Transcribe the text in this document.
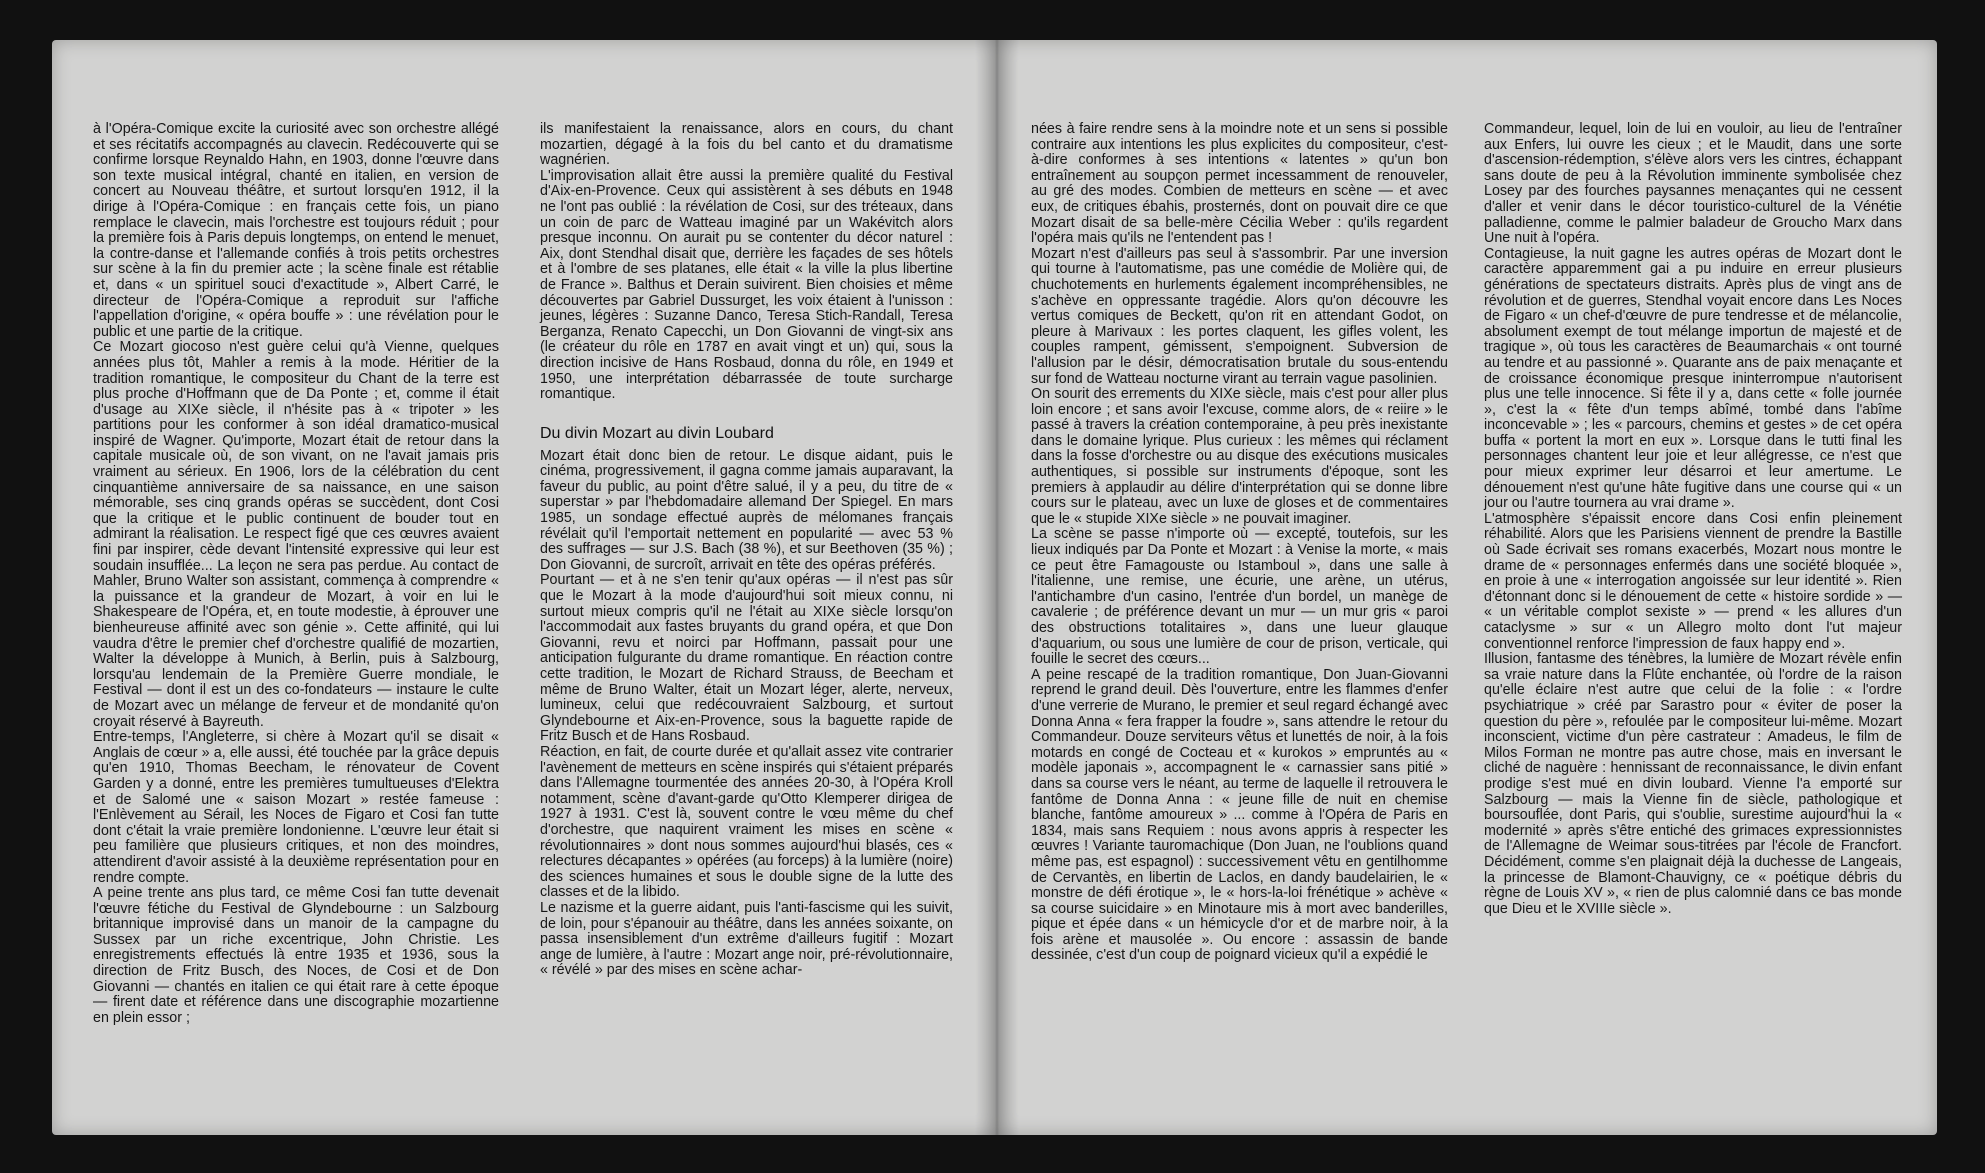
à l'Opéra-Comique excite la curiosité avec son orchestre allégé et ses récitatifs accompagnés au clavecin. Redécouverte qui se confirme lorsque Reynaldo Hahn, en 1903, donne l'œuvre dans son texte musical intégral, chanté en italien, en version de concert au Nouveau théâtre, et surtout lorsqu'en 1912, il la dirige à l'Opéra-Comique : en français cette fois, un piano remplace le clavecin, mais l'orchestre est toujours réduit ; pour la première fois à Paris depuis longtemps, on entend le menuet, la contre-danse et l'allemande confiés à trois petits orchestres sur scène à la fin du premier acte ; la scène finale est rétablie et, dans « un spirituel souci d'exactitude », Albert Carré, le directeur de l'Opéra-Comique a reproduit sur l'affiche l'appellation d'origine, « opéra bouffe » : une révélation pour le public et une partie de la critique.

Ce Mozart giocoso n'est guère celui qu'à Vienne, quelques années plus tôt, Mahler a remis à la mode. Héritier de la tradition romantique, le compositeur du Chant de la terre est plus proche d'Hoffmann que de Da Ponte ; et, comme il était d'usage au XIXe siècle, il n'hésite pas à « tripoter » les partitions pour les conformer à son idéal dramatico-musical inspiré de Wagner. Qu'importe, Mozart était de retour dans la capitale musicale où, de son vivant, on ne l'avait jamais pris vraiment au sérieux. En 1906, lors de la célébration du cent cinquantième anniversaire de sa naissance, en une saison mémorable, ses cinq grands opéras se succèdent, dont Cosi que la critique et le public continuent de bouder tout en admirant la réalisation. Le respect figé que ces œuvres avaient fini par inspirer, cède devant l'intensité expressive qui leur est soudain insufflée... La leçon ne sera pas perdue. Au contact de Mahler, Bruno Walter son assistant, commença à comprendre « la puissance et la grandeur de Mozart, à voir en lui le Shakespeare de l'Opéra, et, en toute modestie, à éprouver une bienheureuse affinité avec son génie ». Cette affinité, qui lui vaudra d'être le premier chef d'orchestre qualifié de mozartien, Walter la développe à Munich, à Berlin, puis à Salzbourg, lorsqu'au lendemain de la Première Guerre mondiale, le Festival — dont il est un des co-fondateurs — instaure le culte de Mozart avec un mélange de ferveur et de mondanité qu'on croyait réservé à Bayreuth.

Entre-temps, l'Angleterre, si chère à Mozart qu'il se disait « Anglais de cœur » a, elle aussi, été touchée par la grâce depuis qu'en 1910, Thomas Beecham, le rénovateur de Covent Garden y a donné, entre les premières tumultueuses d'Elektra et de Salomé une « saison Mozart » restée fameuse : l'Enlèvement au Sérail, les Noces de Figaro et Cosi fan tutte dont c'était la vraie première londonienne. L'œuvre leur était si peu familière que plusieurs critiques, et non des moindres, attendirent d'avoir assisté à la deuxième représentation pour en rendre compte.

A peine trente ans plus tard, ce même Cosi fan tutte devenait l'œuvre fétiche du Festival de Glyndebourne : un Salzbourg britannique improvisé dans un manoir de la campagne du Sussex par un riche excentrique, John Christie. Les enregistrements effectués là entre 1935 et 1936, sous la direction de Fritz Busch, des Noces, de Cosi et de Don Giovanni — chantés en italien ce qui était rare à cette époque — firent date et référence dans une discographie mozartienne en plein essor ;

ils manifestaient la renaissance, alors en cours, du chant mozartien, dégagé à la fois du bel canto et du dramatisme wagnérien.

L'improvisation allait être aussi la première qualité du Festival d'Aix-en-Provence. Ceux qui assistèrent à ses débuts en 1948 ne l'ont pas oublié : la révélation de Cosi, sur des tréteaux, dans un coin de parc de Watteau imaginé par un Wakévitch alors presque inconnu. On aurait pu se contenter du décor naturel : Aix, dont Stendhal disait que, derrière les façades de ses hôtels et à l'ombre de ses platanes, elle était « la ville la plus libertine de France ». Balthus et Derain suivirent. Bien choisies et même découvertes par Gabriel Dussurget, les voix étaient à l'unisson : jeunes, légères : Suzanne Danco, Teresa Stich-Randall, Teresa Berganza, Renato Capecchi, un Don Giovanni de vingt-six ans (le créateur du rôle en 1787 en avait vingt et un) qui, sous la direction incisive de Hans Rosbaud, donna du rôle, en 1949 et 1950, une interprétation débarrassée de toute surcharge romantique.

Du divin Mozart au divin Loubard

Mozart était donc bien de retour. Le disque aidant, puis le cinéma, progressivement, il gagna comme jamais auparavant, la faveur du public, au point d'être salué, il y a peu, du titre de « superstar » par l'hebdomadaire allemand Der Spiegel. En mars 1985, un sondage effectué auprès de mélomanes français révélait qu'il l'emportait nettement en popularité — avec 53 % des suffrages — sur J.S. Bach (38 %), et sur Beethoven (35 %) ; Don Giovanni, de surcroît, arrivait en tête des opéras préférés.

Pourtant — et à ne s'en tenir qu'aux opéras — il n'est pas sûr que le Mozart à la mode d'aujourd'hui soit mieux connu, ni surtout mieux compris qu'il ne l'était au XIXe siècle lorsqu'on l'accommodait aux fastes bruyants du grand opéra, et que Don Giovanni, revu et noirci par Hoffmann, passait pour une anticipation fulgurante du drame romantique. En réaction contre cette tradition, le Mozart de Richard Strauss, de Beecham et même de Bruno Walter, était un Mozart léger, alerte, nerveux, lumineux, celui que redécouvraient Salzbourg, et surtout Glyndebourne et Aix-en-Provence, sous la baguette rapide de Fritz Busch et de Hans Rosbaud.

Réaction, en fait, de courte durée et qu'allait assez vite contrarier l'avènement de metteurs en scène inspirés qui s'étaient préparés dans l'Allemagne tourmentée des années 20-30, à l'Opéra Kroll notamment, scène d'avant-garde qu'Otto Klemperer dirigea de 1927 à 1931. C'est là, souvent contre le vœu même du chef d'orchestre, que naquirent vraiment les mises en scène « révolutionnaires » dont nous sommes aujourd'hui blasés, ces « relectures décapantes » opérées (au forceps) à la lumière (noire) des sciences humaines et sous le double signe de la lutte des classes et de la libido.

Le nazisme et la guerre aidant, puis l'anti-fascisme qui les suivit, de loin, pour s'épanouir au théâtre, dans les années soixante, on passa insensiblement d'un extrême d'ailleurs fugitif : Mozart ange de lumière, à l'autre : Mozart ange noir, pré-révolutionnaire, « révélé » par des mises en scène achar-

nées à faire rendre sens à la moindre note et un sens si possible contraire aux intentions les plus explicites du compositeur, c'est-à-dire conformes à ses intentions « latentes » qu'un bon entraînement au soupçon permet incessamment de renouveler, au gré des modes. Combien de metteurs en scène — et avec eux, de critiques ébahis, prosternés, dont on pouvait dire ce que Mozart disait de sa belle-mère Cécilia Weber : qu'ils regardent l'opéra mais qu'ils ne l'entendent pas !

Mozart n'est d'ailleurs pas seul à s'assombrir. Par une inversion qui tourne à l'automatisme, pas une comédie de Molière qui, de chuchotements en hurlements également incompréhensibles, ne s'achève en oppressante tragédie. Alors qu'on découvre les vertus comiques de Beckett, qu'on rit en attendant Godot, on pleure à Marivaux : les portes claquent, les gifles volent, les couples rampent, gémissent, s'empoignent. Subversion de l'allusion par le désir, démocratisation brutale du sous-entendu sur fond de Watteau nocturne virant au terrain vague pasolinien.

On sourit des errements du XIXe siècle, mais c'est pour aller plus loin encore ; et sans avoir l'excuse, comme alors, de « reiire » le passé à travers la création contemporaine, à peu près inexistante dans le domaine lyrique. Plus curieux : les mêmes qui réclament dans la fosse d'orchestre ou au disque des exécutions musicales authentiques, si possible sur instruments d'époque, sont les premiers à applaudir au délire d'interprétation qui se donne libre cours sur le plateau, avec un luxe de gloses et de commentaires que le « stupide XIXe siècle » ne pouvait imaginer.

La scène se passe n'importe où — excepté, toutefois, sur les lieux indiqués par Da Ponte et Mozart : à Venise la morte, « mais ce peut être Famagouste ou Istamboul », dans une salle à l'italienne, une remise, une écurie, une arène, un utérus, l'antichambre d'un casino, l'entrée d'un bordel, un manège de cavalerie ; de préférence devant un mur — un mur gris « paroi des obstructions totalitaires », dans une lueur glauque d'aquarium, ou sous une lumière de cour de prison, verticale, qui fouille le secret des cœurs...

A peine rescapé de la tradition romantique, Don Juan-Giovanni reprend le grand deuil. Dès l'ouverture, entre les flammes d'enfer d'une verrerie de Murano, le premier et seul regard échangé avec Donna Anna « fera frapper la foudre », sans attendre le retour du Commandeur. Douze serviteurs vêtus et lunettés de noir, à la fois motards en congé de Cocteau et « kurokos » empruntés au « modèle japonais », accompagnent le « carnassier sans pitié » dans sa course vers le néant, au terme de laquelle il retrouvera le fantôme de Donna Anna : « jeune fille de nuit en chemise blanche, fantôme amoureux » ... comme à l'Opéra de Paris en 1834, mais sans Requiem : nous avons appris à respecter les œuvres ! Variante tauromachique (Don Juan, ne l'oublions quand même pas, est espagnol) : successivement vêtu en gentilhomme de Cervantès, en libertin de Laclos, en dandy baudelairien, le « monstre de défi érotique », le « hors-la-loi frénétique » achève « sa course suicidaire » en Minotaure mis à mort avec banderilles, pique et épée dans « un hémicycle d'or et de marbre noir, à la fois arène et mausolée ». Ou encore : assassin de bande dessinée, c'est d'un coup de poignard vicieux qu'il a expédié le

Commandeur, lequel, loin de lui en vouloir, au lieu de l'entraîner aux Enfers, lui ouvre les cieux ; et le Maudit, dans une sorte d'ascension-rédemption, s'élève alors vers les cintres, échappant sans doute de peu à la Révolution imminente symbolisée chez Losey par des fourches paysannes menaçantes qui ne cessent d'aller et venir dans le décor touristico-culturel de la Vénétie palladienne, comme le palmier baladeur de Groucho Marx dans Une nuit à l'opéra.

Contagieuse, la nuit gagne les autres opéras de Mozart dont le caractère apparemment gai a pu induire en erreur plusieurs générations de spectateurs distraits. Après plus de vingt ans de révolution et de guerres, Stendhal voyait encore dans Les Noces de Figaro « un chef-d'œuvre de pure tendresse et de mélancolie, absolument exempt de tout mélange importun de majesté et de tragique », où tous les caractères de Beaumarchais « ont tourné au tendre et au passionné ». Quarante ans de paix menaçante et de croissance économique presque ininterrompue n'autorisent plus une telle innocence. Si fête il y a, dans cette « folle journée », c'est la « fête d'un temps abîmé, tombé dans l'abîme inconcevable » ; les « parcours, chemins et gestes » de cet opéra buffa « portent la mort en eux ». Lorsque dans le tutti final les personnages chantent leur joie et leur allégresse, ce n'est que pour mieux exprimer leur désarroi et leur amertume. Le dénouement n'est qu'une hâte fugitive dans une course qui « un jour ou l'autre tournera au vrai drame ».

L'atmosphère s'épaissit encore dans Cosi enfin pleinement réhabilité. Alors que les Parisiens viennent de prendre la Bastille où Sade écrivait ses romans exacerbés, Mozart nous montre le drame de « personnages enfermés dans une société bloquée », en proie à une « interrogation angoissée sur leur identité ». Rien d'étonnant donc si le dénouement de cette « histoire sordide » — « un véritable complot sexiste » — prend « les allures d'un cataclysme » sur « un Allegro molto dont l'ut majeur conventionnel renforce l'impression de faux happy end ».

Illusion, fantasme des ténèbres, la lumière de Mozart révèle enfin sa vraie nature dans la Flûte enchantée, où l'ordre de la raison qu'elle éclaire n'est autre que celui de la folie : « l'ordre psychiatrique » créé par Sarastro pour « éviter de poser la question du père », refoulée par le compositeur lui-même. Mozart inconscient, victime d'un père castrateur : Amadeus, le film de Milos Forman ne montre pas autre chose, mais en inversant le cliché de naguère : hennissant de reconnaissance, le divin enfant prodige s'est mué en divin loubard. Vienne l'a emporté sur Salzbourg — mais la Vienne fin de siècle, pathologique et boursouflée, dont Paris, qui s'oublie, surestime aujourd'hui la « modernité » après s'être entiché des grimaces expressionnistes de l'Allemagne de Weimar sous-titrées par l'école de Francfort. Décidément, comme s'en plaignait déjà la duchesse de Langeais, la princesse de Blamont-Chauvigny, ce « poétique débris du règne de Louis XV », « rien de plus calomnié dans ce bas monde que Dieu et le XVIIIe siècle ».
